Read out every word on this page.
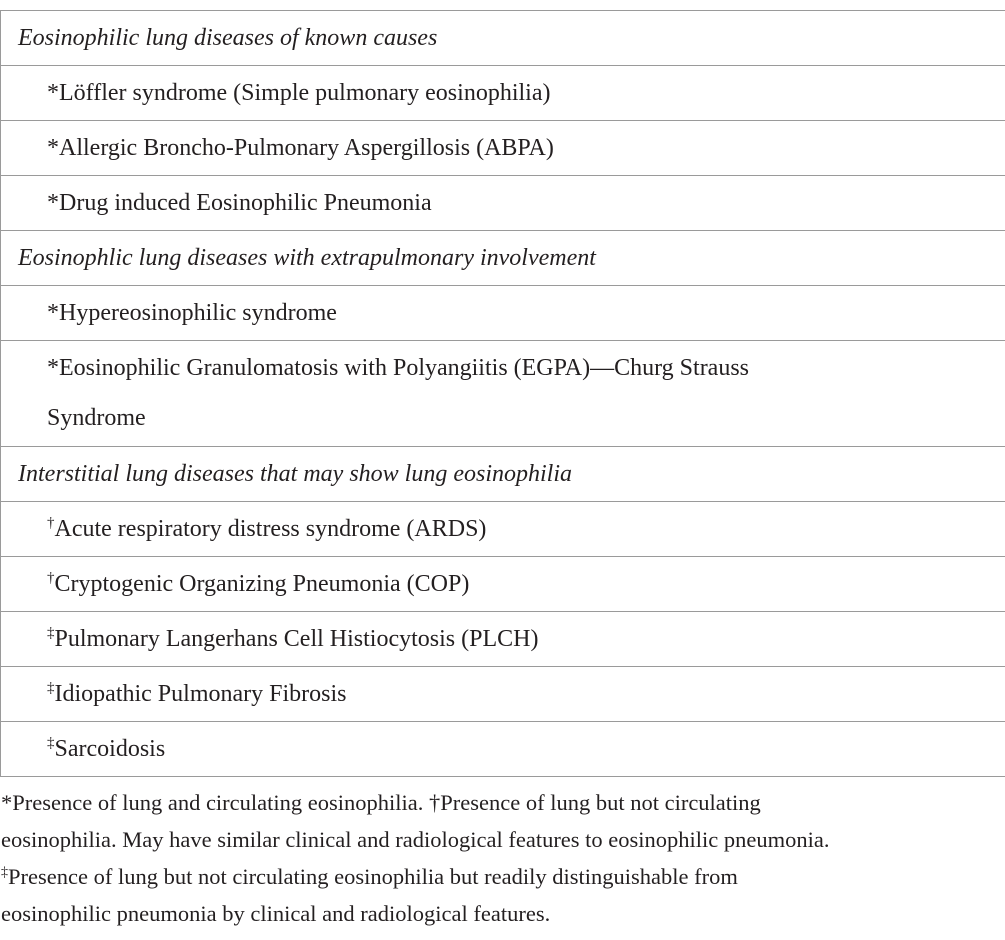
Eosinophilic lung diseases of known causes
*Löffler syndrome (Simple pulmonary eosinophilia)
*Allergic Broncho-Pulmonary Aspergillosis (ABPA)
*Drug induced Eosinophilic Pneumonia
Eosinophlic lung diseases with extrapulmonary involvement
*Hypereosinophilic syndrome
*Eosinophilic Granulomatosis with Polyangiitis (EGPA)—Churg Strauss
Syndrome
Interstitial lung diseases that may show lung eosinophilia
†Acute respiratory distress syndrome (ARDS)
†Cryptogenic Organizing Pneumonia (COP)
‡Pulmonary Langerhans Cell Histiocytosis (PLCH)
‡Idiopathic Pulmonary Fibrosis
‡Sarcoidosis
*Presence of lung and circulating eosinophilia. †Presence of lung but not circulating
eosinophilia. May have similar clinical and radiological features to eosinophilic pneumonia.
‡Presence of lung but not circulating eosinophilia but readily distinguishable from
eosinophilic pneumonia by clinical and radiological features.
